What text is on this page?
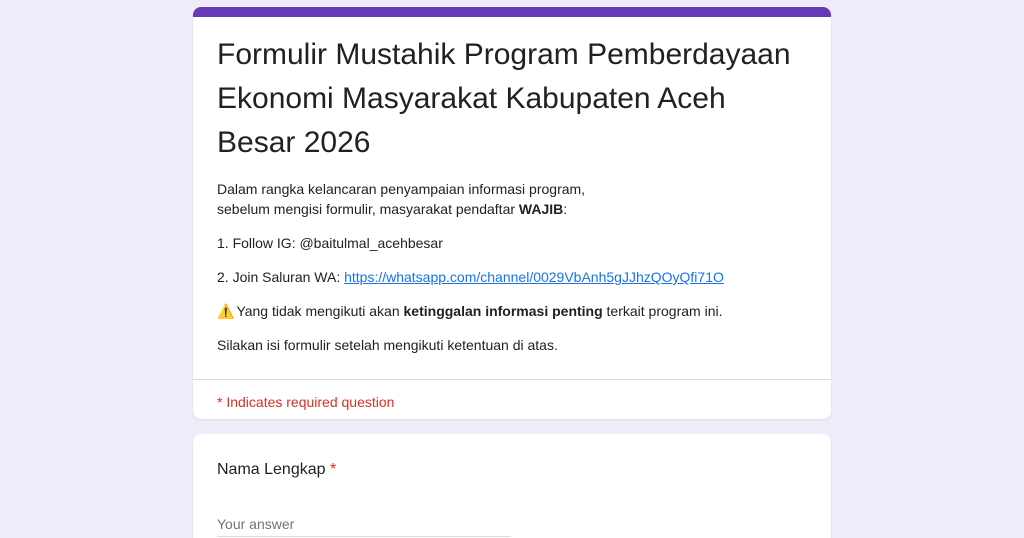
Formulir Mustahik Program Pemberdayaan Ekonomi Masyarakat Kabupaten Aceh Besar 2026

Dalam rangka kelancaran penyampaian informasi program,
sebelum mengisi formulir, masyarakat pendaftar WAJIB:

1. Follow IG: @baitulmal_acehbesar

2. Join Saluran WA: https://whatsapp.com/channel/0029VbAnh5gJJhzQOyQfi71O

⚠️ Yang tidak mengikuti akan ketinggalan informasi penting terkait program ini.

Silakan isi formulir setelah mengikuti ketentuan di atas.

* Indicates required question

Nama Lengkap *

Your answer
